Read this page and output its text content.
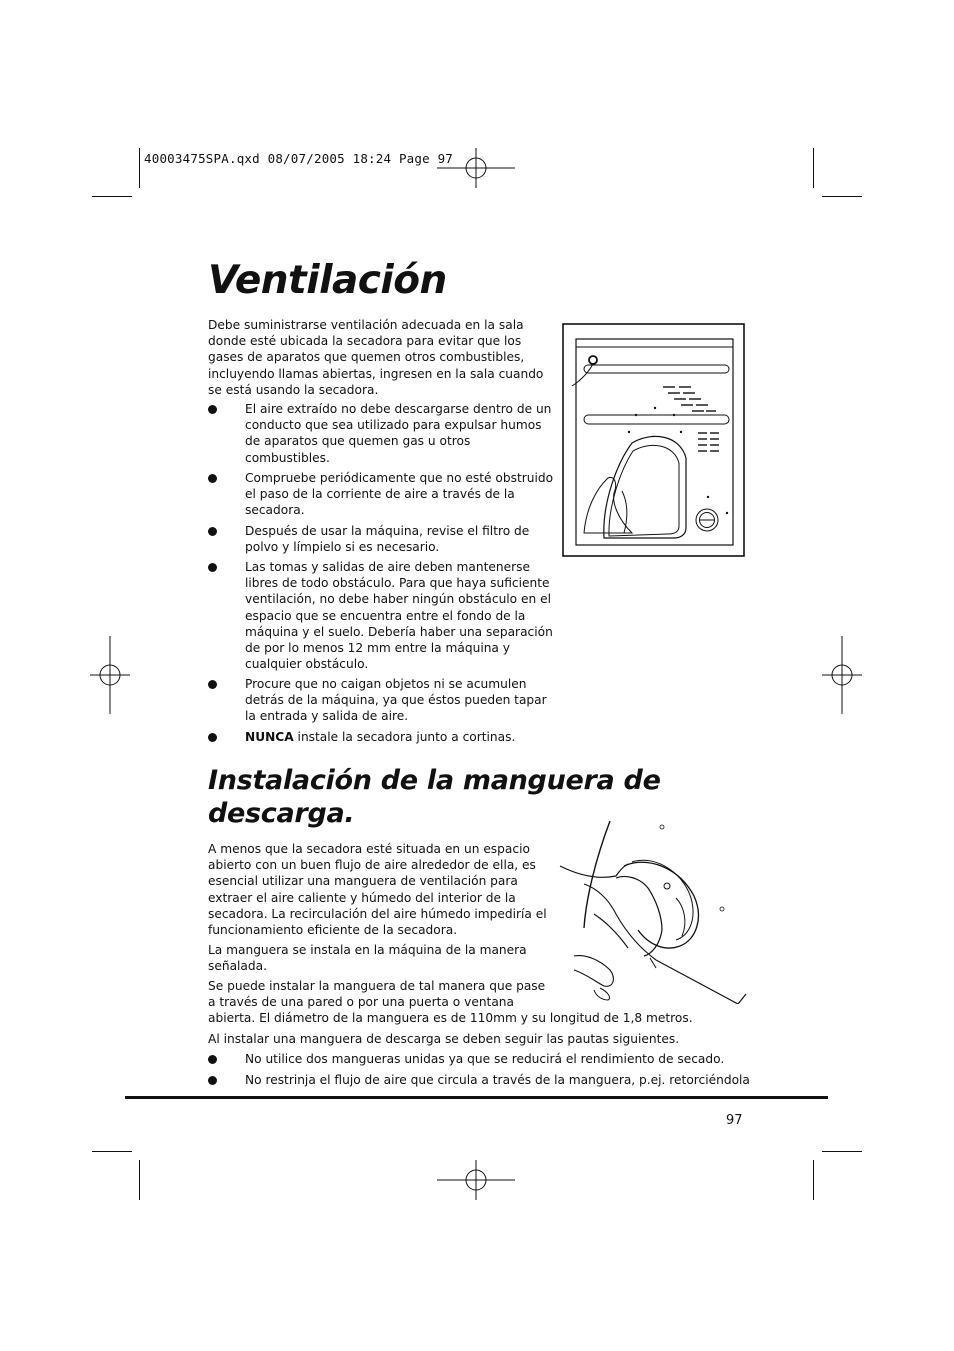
40003475SPA.qxd 08/07/2005 18:24 Page 97
Ventilación

Debe suministrarse ventilación adecuada en la sala

donde esté ubicada la secadora para evitar que los

gases de aparatos que quemen otros combustibles,

incluyendo llamas abiertas, ingresen en la sala cuando

se está usando la secadora.

El aire extraído no debe descargarse dentro de un
conducto que sea utilizado para expulsar humos
de aparatos que quemen gas u otros
combustibles.
Compruebe periódicamente que no esté obstruido
el paso de la corriente de aire a través de la
secadora.
Después de usar la máquina, revise el filtro de
polvo y límpielo si es necesario.
Las tomas y salidas de aire deben mantenerse
libres de todo obstáculo. Para que haya suficiente
ventilación, no debe haber ningún obstáculo en el
espacio que se encuentra entre el fondo de la
máquina y el suelo. Debería haber una separación
de por lo menos 12 mm entre la máquina y
cualquier obstáculo.
Procure que no caigan objetos ni se acumulen
detrás de la máquina, ya que éstos pueden tapar
la entrada y salida de aire.
NUNCA instale la secadora junto a cortinas.
Instalación de la manguera de
descarga.

A menos que la secadora esté situada en un espacio

abierto con un buen flujo de aire alrededor de ella, es

esencial utilizar una manguera de ventilación para

extraer el aire caliente y húmedo del interior de la

secadora. La recirculación del aire húmedo impediría el

funcionamiento eficiente de la secadora.

La manguera se instala en la máquina de la manera

señalada.

Se puede instalar la manguera de tal manera que pase

a través de una pared o por una puerta o ventana

abierta. El diámetro de la manguera es de 110mm y su longitud de 1,8 metros.

Al instalar una manguera de descarga se deben seguir las pautas siguientes.

No utilice dos mangueras unidas ya que se reducirá el rendimiento de secado.
No restrinja el flujo de aire que circula a través de la manguera, p.ej. retorciéndola
97
